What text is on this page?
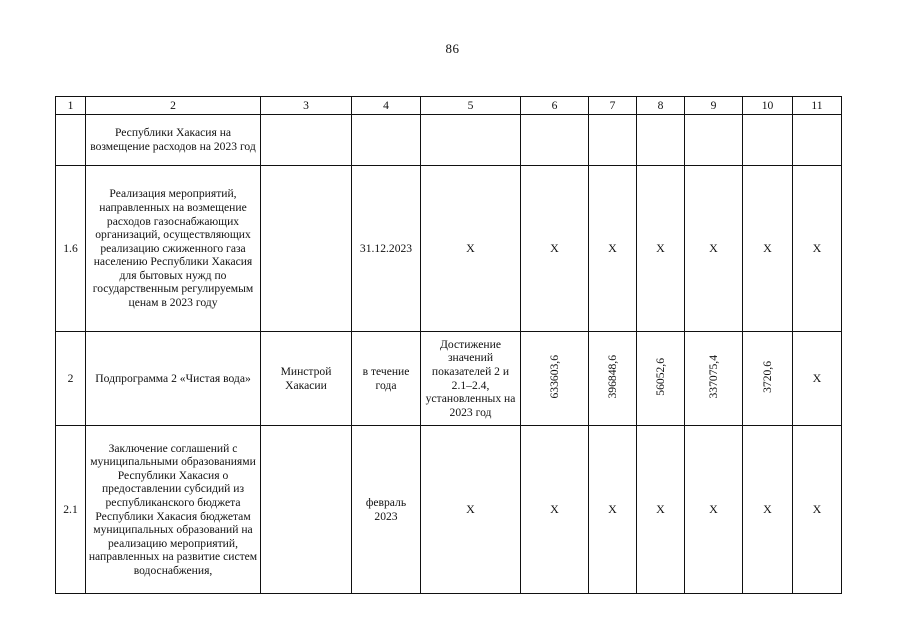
86
1	2	3	4	5	6	7	8	9	10	11
	Республики Хакасия на возмещение расходов на 2023 год									
1.6	Реализация мероприятий, направленных на возмещение расходов газоснабжающих организаций, осуществляющих реализацию сжиженного газа населению Республики Хакасия для бытовых нужд по государственным регулируемым ценам в 2023 году		31.12.2023	Х	Х	Х	Х	Х	Х	Х
2	Подпрограмма 2 «Чистая вода»	Минстрой Хакасии	в течение года	Достижение значений показателей 2 и 2.1–2.4, установленных на 2023 год	633603,6	396848,6	56052,6	337075,4	3720,6	Х
2.1	Заключение соглашений с муниципальными образованиями Республики Хакасия о предоставлении субсидий из республиканского бюджета Республики Хакасия бюджетам муниципальных образований на реализацию мероприятий, направленных на развитие систем водоснабжения,		февраль 2023	Х	Х	Х	Х	Х	Х	Х
